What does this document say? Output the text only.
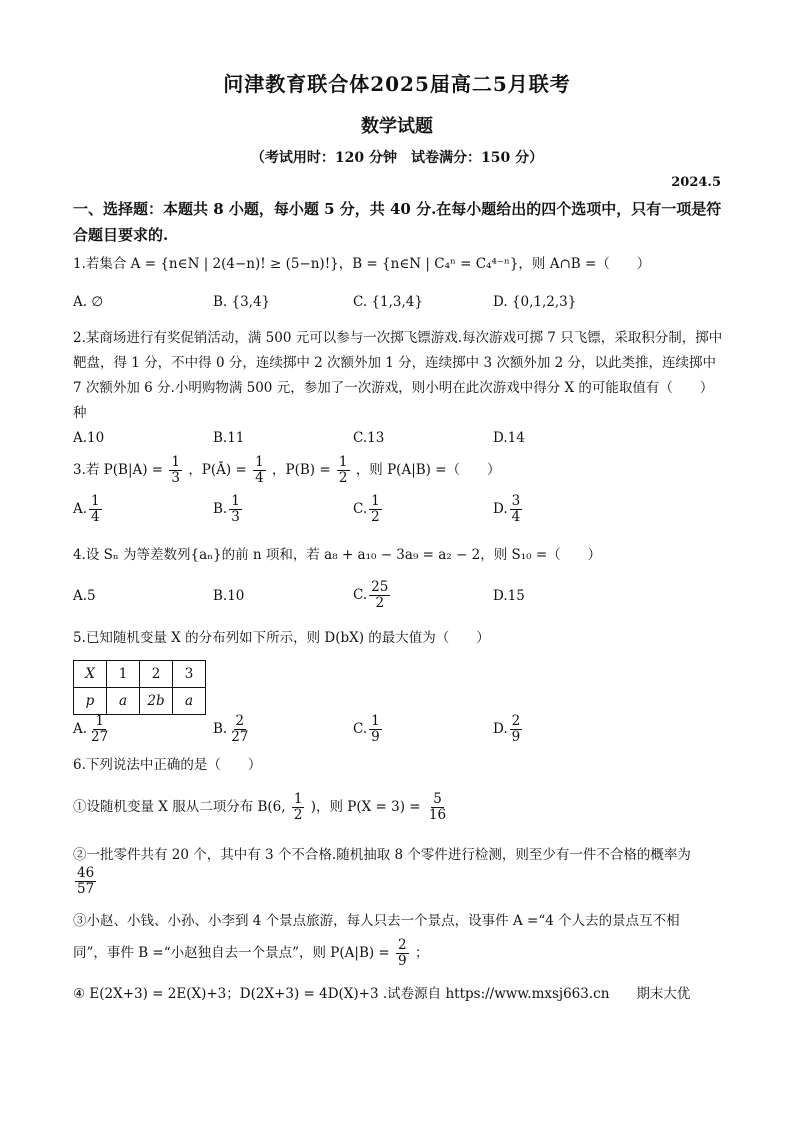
问津教育联合体2025届高二5月联考
数学试题
（考试用时：120 分钟　试卷满分：150 分）
2024.5
一、选择题：本题共 8 小题，每小题 5 分，共 40 分.在每小题给出的四个选项中，只有一项是符合题目要求的.
1.若集合 A = {n∈N | 2(4−n)! ≥ (5−n)!}，B = {n∈N | C₄ⁿ = C₄⁴⁻ⁿ}，则 A∩B =（　　）
A. ∅	B. {3,4}	C. {1,3,4}	D. {0,1,2,3}
2.某商场进行有奖促销活动，满 500 元可以参与一次掷飞镖游戏.每次游戏可掷 7 只飞镖，采取积分制，掷中靶盘，得 1 分，不中得 0 分，连续掷中 2 次额外加 1 分，连续掷中 3 次额外加 2 分，以此类推，连续掷中 7 次额外加 6 分.小明购物满 500 元，参加了一次游戏，则小明在此次游戏中得分 X 的可能取值有（　　）种
A.10	B.11	C.13	D.14
3.若 $P(B|A) = \frac{1}{3}$ ，P(Ā) = $\frac{1}{4}$ ，$P(B) = \frac{1}{2}$ ，则 P(A|B) =（　　）
A. $\frac{1}{4}$	B. $\frac{1}{3}$	C. $\frac{1}{2}$	D. $\frac{3}{4}$
4.设 Sₙ 为等差数列{aₙ}的前 n 项和，若 a₈ + a₁₀ − 3a₉ = a₂ − 2，则 S₁₀ =（　　）
A.5	B.10	C. $\frac{25}{2}$	D.15
5.已知随机变量 X 的分布列如下所示，则 D(bX) 的最大值为（　　）
X	1	2	3
p	a	2b	a
A. $\frac{1}{27}$	B. $\frac{2}{27}$	C. $\frac{1}{9}$	D. $\frac{2}{9}$
6.下列说法中正确的是（　　）
①设随机变量 X 服从二项分布 B(6, $\frac{1}{2}$ )，则 $P(X = 3) = \frac{5}{16}$
②一批零件共有 20 个，其中有 3 个不合格.随机抽取 8 个零件进行检测，则至少有一件不合格的概率为
$\frac{46}{57}$
③小赵、小钱、小孙、小李到 4 个景点旅游，每人只去一个景点，设事件 A =“4 个人去的景点互不相
同”，事件 B =“小赵独自去一个景点”，则 $P(A|B) = \frac{2}{9}$ ；
④ E(2X+3) = 2E(X)+3；D(2X+3) = 4D(X)+3 .试卷源自 https://www.mxsj663.cn　　期末大优
